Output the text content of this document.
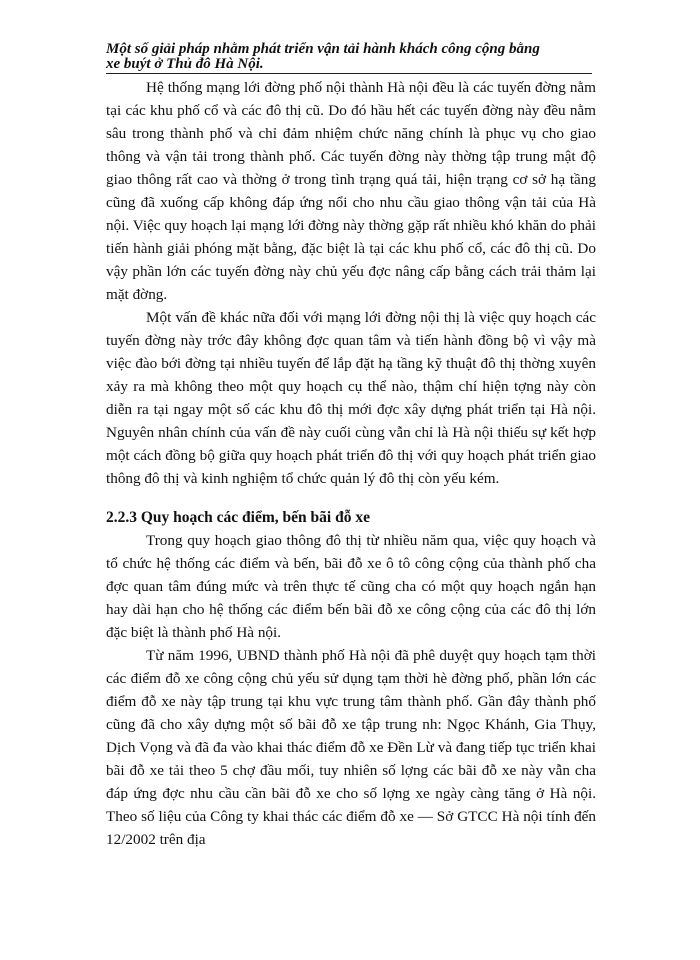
Một số giải pháp nhằm phát triển vận tải hành khách công cộng bằng
xe buýt ở Thủ đô Hà Nội.

Hệ thống mạng lới đờng phố nội thành Hà nội đều là các tuyến đờng nằm tại các khu phố cổ và các đô thị cũ. Do đó hầu hết các tuyến đờng này đều nằm sâu trong thành phố và chỉ đảm nhiệm chức năng chính là phục vụ cho giao thông và vận tải trong thành phố. Các tuyến đờng này thờng tập trung mật độ giao thông rất cao và thờng ở trong tình trạng quá tải, hiện trạng cơ sở hạ tầng cũng đã xuống cấp không đáp ứng nổi cho nhu cầu giao thông vận tải của Hà nội. Việc quy hoạch lại mạng lới đờng này thờng gặp rất nhiều khó khăn do phải tiến hành giải phóng mặt bằng, đặc biệt là tại các khu phố cổ, các đô thị cũ. Do vậy phần lớn các tuyến đờng này chủ yếu đợc nâng cấp bằng cách trải thảm lại mặt đờng.

Một vấn đề khác nữa đối với mạng lới đờng nội thị là việc quy hoạch các tuyến đờng này trớc đây không đợc quan tâm và tiến hành đồng bộ vì vậy mà việc đào bới đờng tại nhiều tuyến để lắp đặt hạ tầng kỹ thuật đô thị thờng xuyên xảy ra mà không theo một quy hoạch cụ thể nào, thậm chí hiện tợng này còn diễn ra tại ngay một số các khu đô thị mới đợc xây dựng phát triển tại Hà nội. Nguyên nhân chính của vấn đề này cuối cùng vẫn chỉ là Hà nội thiếu sự kết hợp một cách đồng bộ giữa quy hoạch phát triển đô thị với quy hoạch phát triển giao thông đô thị và kinh nghiệm tổ chức quản lý đô thị còn yếu kém.

2.2.3 Quy hoạch các điểm, bến bãi đỗ xe

Trong quy hoạch giao thông đô thị từ nhiều năm qua, việc quy hoạch và tổ chức hệ thống các điểm và bến, bãi đỗ xe ô tô công cộng của thành phố cha đợc quan tâm đúng mức và trên thực tế cũng cha có một quy hoạch ngắn hạn hay dài hạn cho hệ thống các điểm bến bãi đỗ xe công cộng của các đô thị lớn đặc biệt là thành phố Hà nội.

Từ năm 1996, UBND thành phố Hà nội đã phê duyệt quy hoạch tạm thời các điểm đỗ xe công cộng chủ yếu sử dụng tạm thời hè đờng phố, phần lớn các điểm đỗ xe này tập trung tại khu vực trung tâm thành phố. Gần đây thành phố cũng đã cho xây dựng một số bãi đỗ xe tập trung nh: Ngọc Khánh, Gia Thụy, Dịch Vọng và đã đa vào khai thác điểm đỗ xe Đền Lừ và đang tiếp tục triển khai bãi đỗ xe tải theo 5 chợ đầu mối, tuy nhiên số lợng các bãi đỗ xe này vẫn cha đáp ứng đợc nhu cầu cần bãi đỗ xe cho số lợng xe ngày càng tăng ở Hà nội. Theo số liệu của Công ty khai thác các điểm đỗ xe — Sở GTCC Hà nội tính đến 12/2002 trên địa
